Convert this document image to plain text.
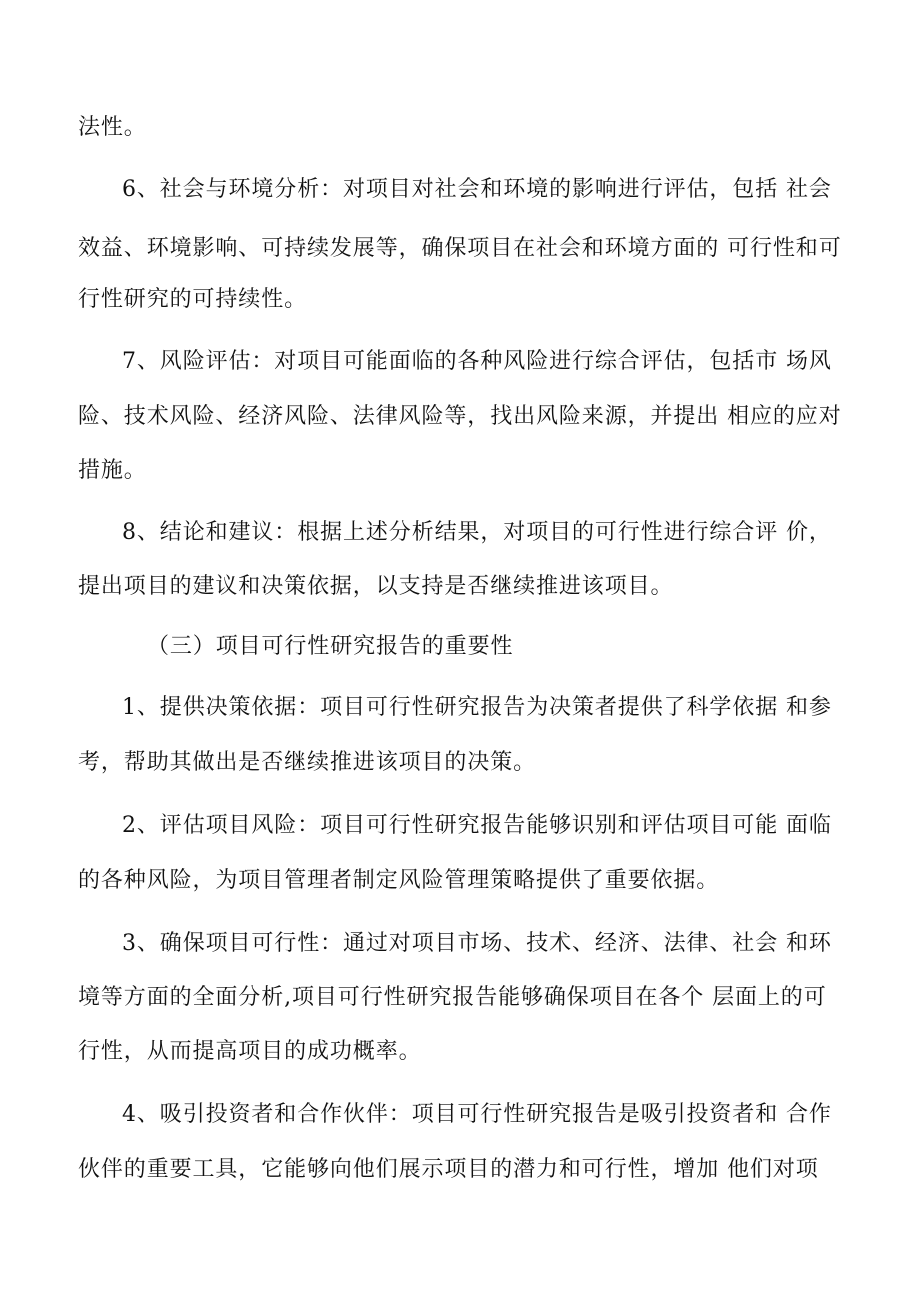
法性。
6、社会与环境分析：对项目对社会和环境的影响进行评估，包括 社会
效益、环境影响、可持续发展等，确保项目在社会和环境方面的 可行性和可
行性研究的可持续性。
7、风险评估：对项目可能面临的各种风险进行综合评估，包括市 场风
险、技术风险、经济风险、法律风险等，找出风险来源，并提出 相应的应对
措施。
8、结论和建议：根据上述分析结果，对项目的可行性进行综合评 价，
提出项目的建议和决策依据，以支持是否继续推进该项目。
（三）项目可行性研究报告的重要性
1、提供决策依据：项目可行性研究报告为决策者提供了科学依据 和参
考，帮助其做出是否继续推进该项目的决策。
2、评估项目风险：项目可行性研究报告能够识别和评估项目可能 面临
的各种风险，为项目管理者制定风险管理策略提供了重要依据。
3、确保项目可行性：通过对项目市场、技术、经济、法律、社会 和环
境等方面的全面分析,项目可行性研究报告能够确保项目在各个 层面上的可
行性，从而提高项目的成功概率。
4、吸引投资者和合作伙伴：项目可行性研究报告是吸引投资者和 合作
伙伴的重要工具，它能够向他们展示项目的潜力和可行性，增加 他们对项
